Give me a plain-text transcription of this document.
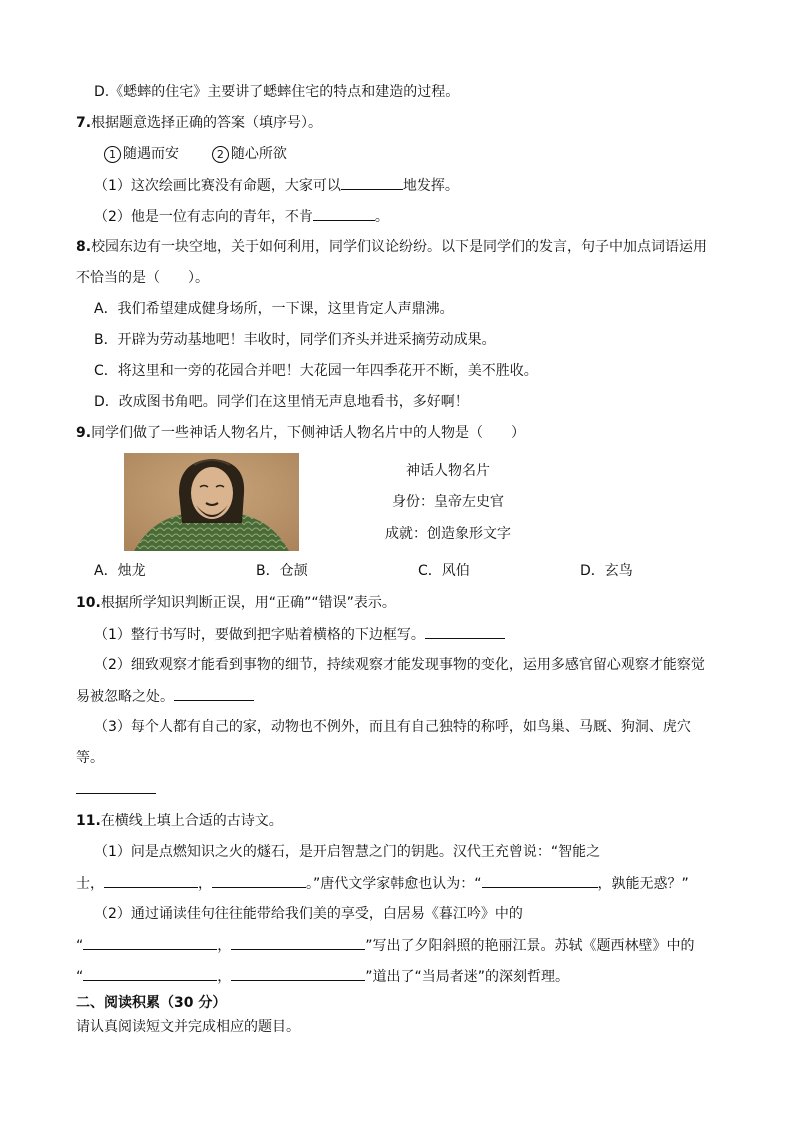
D.《蟋蟀的住宅》主要讲了蟋蟀住宅的特点和建造的过程。
7.根据题意选择正确的答案（填序号）。
1 随遇而安	2 随心所欲
（1）这次绘画比赛没有命题，大家可以	地发挥。
（2）他是一位有志向的青年，不肯	。
8.校园东边有一块空地，关于如何利用，同学们议论纷纷。以下是同学们的发言，句子中加点词语运用
不恰当的是（　　）。
A．我们希望建成健身场所，一下课，这里肯定人声鼎沸。
B．开辟为劳动基地吧！丰收时，同学们齐头并进采摘劳动成果。
C．将这里和一旁的花园合并吧！大花园一年四季花开不断，美不胜收。
D．改成图书角吧。同学们在这里悄无声息地看书，多好啊！
9.同学们做了一些神话人物名片，下侧神话人物名片中的人物是（　　）
神话人物名片
身份：皇帝左史官
成就：创造象形文字
A．烛龙	B．仓颉	C．风伯	D．玄鸟
10.根据所学知识判断正误，用“正确”“错误”表示。
（1）整行书写时，要做到把字贴着横格的下边框写。
（2）细致观察才能看到事物的细节，持续观察才能发现事物的变化，运用多感官留心观察才能察觉
易被忽略之处。
（3）每个人都有自己的家，动物也不例外，而且有自己独特的称呼，如鸟巢、马厩、狗洞、虎穴
等。
11.在横线上填上合适的古诗文。
（1）问是点燃知识之火的燧石，是开启智慧之门的钥匙。汉代王充曾说：“智能之
士，	，	。”唐代文学家韩愈也认为：“	，孰能无惑？”
（2）通过诵读佳句往往能带给我们美的享受，白居易《暮江吟》中的
“	，	”写出了夕阳斜照的艳丽江景。苏轼《题西林壁》中的
“	，	”道出了“当局者迷”的深刻哲理。
二、阅读积累（30 分）
请认真阅读短文并完成相应的题目。
